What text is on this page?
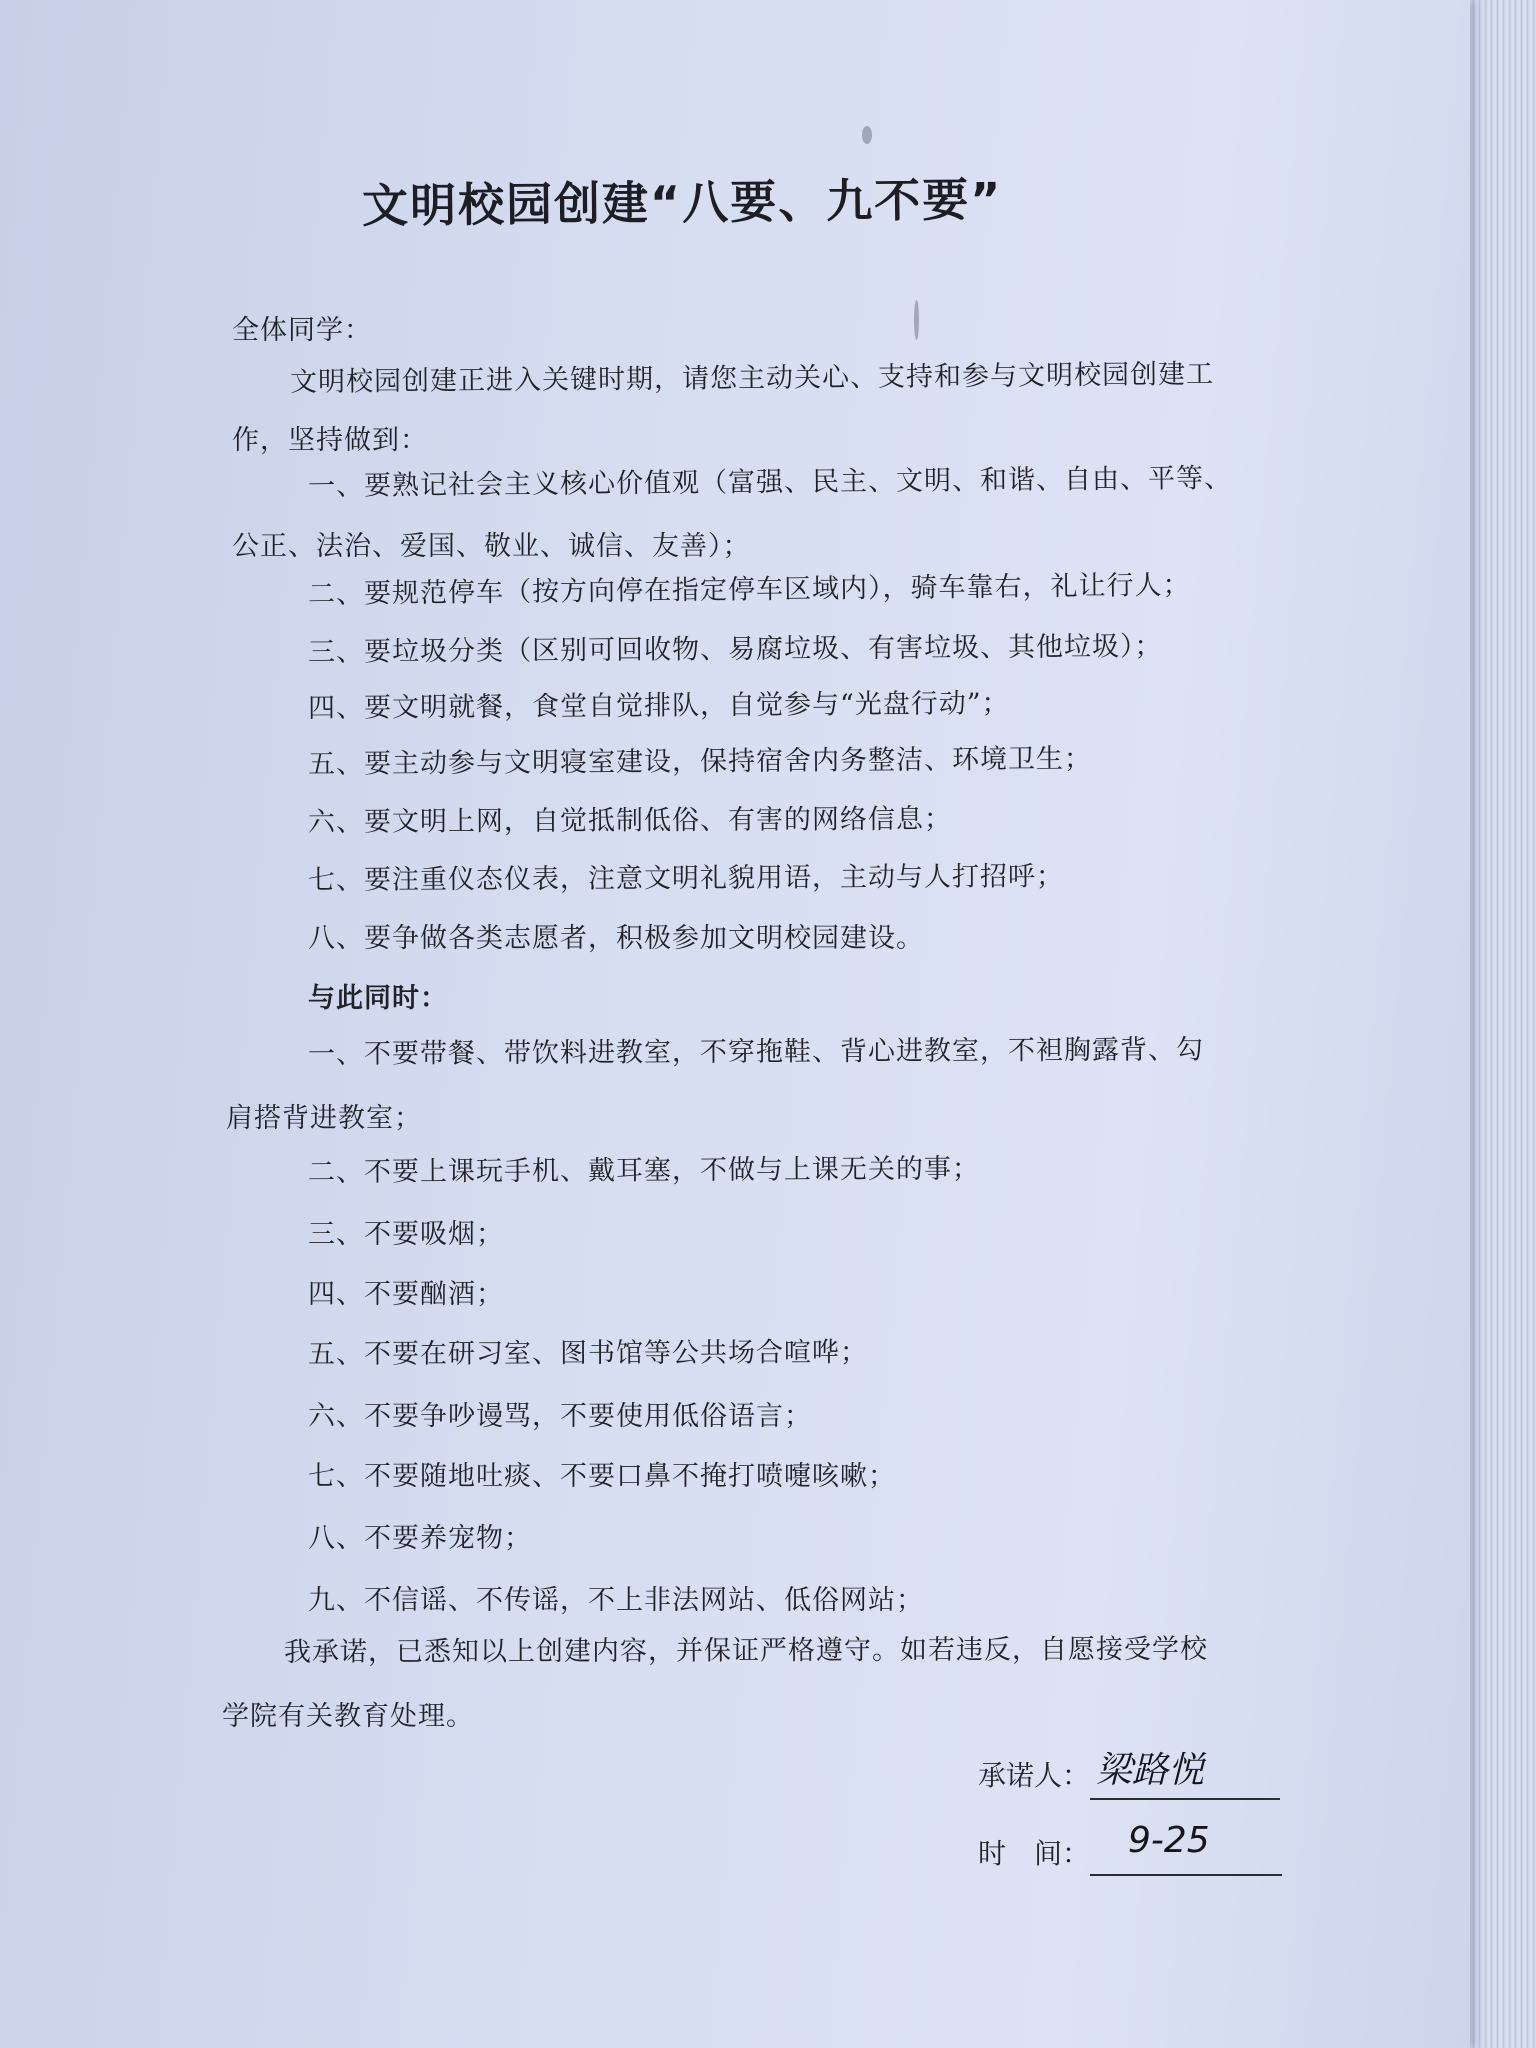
文明校园创建“八要、九不要”
全体同学：
文明校园创建正进入关键时期，请您主动关心、支持和参与文明校园创建工
作，坚持做到：
一、要熟记社会主义核心价值观（富强、民主、文明、和谐、自由、平等、
公正、法治、爱国、敬业、诚信、友善）；
二、要规范停车（按方向停在指定停车区域内），骑车靠右，礼让行人；
三、要垃圾分类（区别可回收物、易腐垃圾、有害垃圾、其他垃圾）；
四、要文明就餐，食堂自觉排队，自觉参与“光盘行动”；
五、要主动参与文明寝室建设，保持宿舍内务整洁、环境卫生；
六、要文明上网，自觉抵制低俗、有害的网络信息；
七、要注重仪态仪表，注意文明礼貌用语，主动与人打招呼；
八、要争做各类志愿者，积极参加文明校园建设。
与此同时：
一、不要带餐、带饮料进教室，不穿拖鞋、背心进教室，不袒胸露背、勾
肩搭背进教室；
二、不要上课玩手机、戴耳塞，不做与上课无关的事；
三、不要吸烟；
四、不要酗酒；
五、不要在研习室、图书馆等公共场合喧哗；
六、不要争吵谩骂，不要使用低俗语言；
七、不要随地吐痰、不要口鼻不掩打喷嚏咳嗽；
八、不要养宠物；
九、不信谣、不传谣，不上非法网站、低俗网站；
我承诺，已悉知以上创建内容，并保证严格遵守。如若违反，自愿接受学校
学院有关教育处理。
承诺人： 梁路悦
时　间： 9-25
